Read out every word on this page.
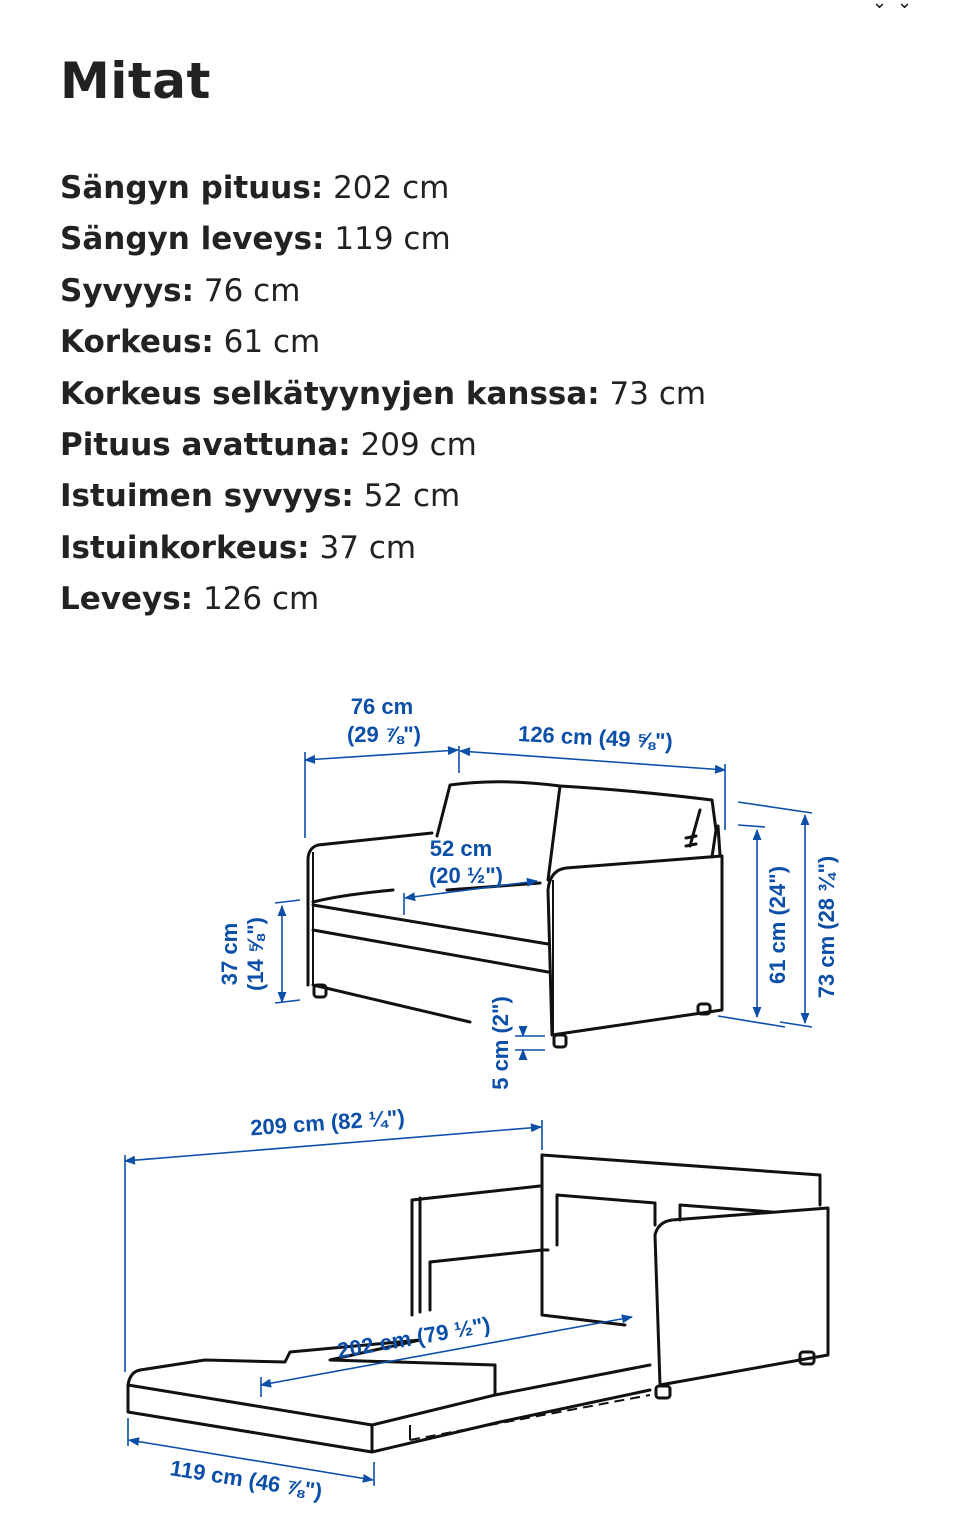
⌄ ⌄
Mitat
Sängyn pituus: 202 cm
Sängyn leveys: 119 cm
Syvyys: 76 cm
Korkeus: 61 cm
Korkeus selkätyynyjen kanssa: 73 cm
Pituus avattuna: 209 cm
Istuimen syvyys: 52 cm
Istuinkorkeus: 37 cm
Leveys: 126 cm
76 cm
(29 ⅞")	126 cm (49 ⅝")
52 cm
(20 ½")
37 cm (14 ⅝")	61 cm (24") 73 cm (28 ¾")
5 cm (2")
209 cm (82 ¼")
202 cm (79 ½")
119 cm (46 ⅞")
